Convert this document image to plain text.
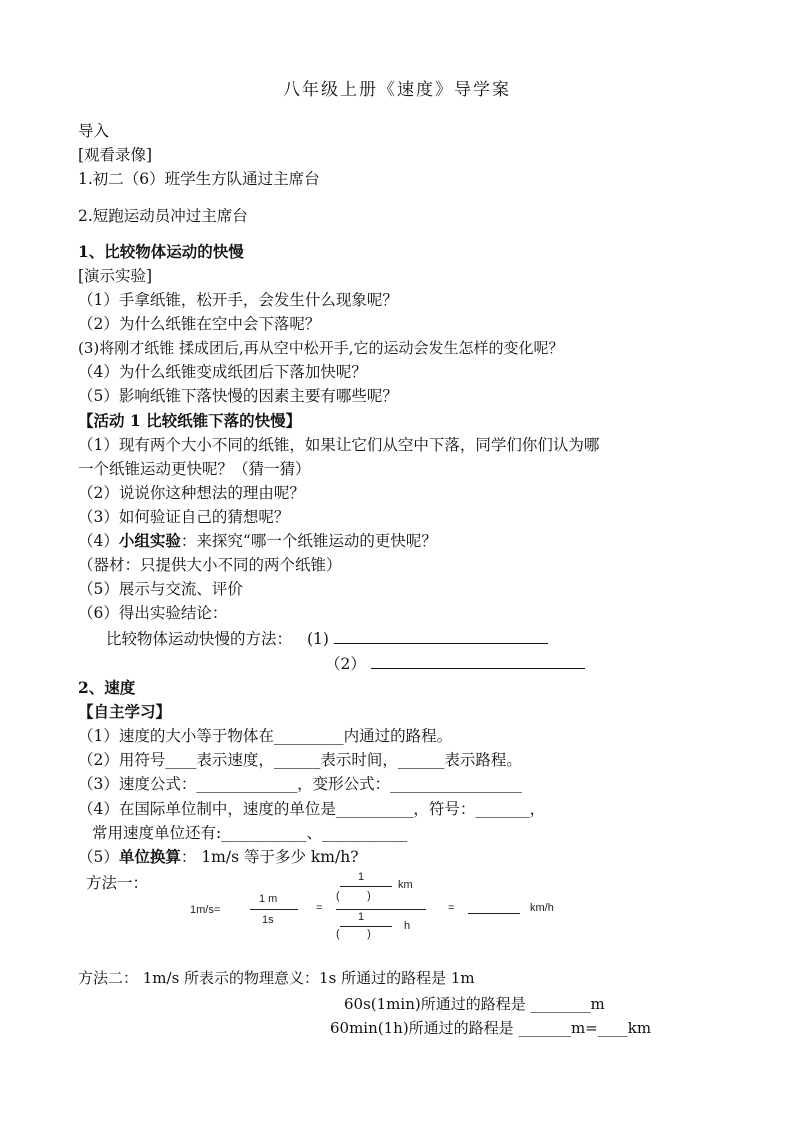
八年级上册《速度》导学案
导入
[观看录像]
1.初二（6）班学生方队通过主席台
2.短跑运动员冲过主席台
1、比较物体运动的快慢
[演示实验]
（1）手拿纸锥，松开手，会发生什么现象呢？
（2）为什么纸锥在空中会下落呢？
(3)将刚才纸锥 揉成团后,再从空中松开手,它的运动会发生怎样的变化呢？
（4）为什么纸锥变成纸团后下落加快呢？
（5）影响纸锥下落快慢的因素主要有哪些呢？
【活动 1 比较纸锥下落的快慢】
（1）现有两个大小不同的纸锥，如果让它们从空中下落，同学们你们认为哪
一个纸锥运动更快呢？（猜一猜）
（2）说说你这种想法的理由呢？
（3）如何验证自己的猜想呢？
（4）小组实验：来探究“哪一个纸锥运动的更快呢？
（器材：只提供大小不同的两个纸锥）
（5）展示与交流、评价
（6）得出实验结论：
比较物体运动快慢的方法： (1)
（2）
2、速度
【自主学习】
（1）速度的大小等于物体在_________内通过的路程。
（2）用符号____表示速度，______表示时间，______表示路程。
（3）速度公式：_____________，变形公式：_________________
（4）在国际单位制中，速度的单位是__________，符号：_______，
常用速度单位还有:___________、___________
（5）单位换算： 1m/s 等于多少 km/h?
方法一：
1m/s=
1 m
1s
=
1
(         )
km
1
(         )
h
=	km/h
方法二： 1m/s 所表示的物理意义：1s 所通过的路程是 1m
60s(1min)所通过的路程是 ________m
60min(1h)所通过的路程是 _______m=____km
